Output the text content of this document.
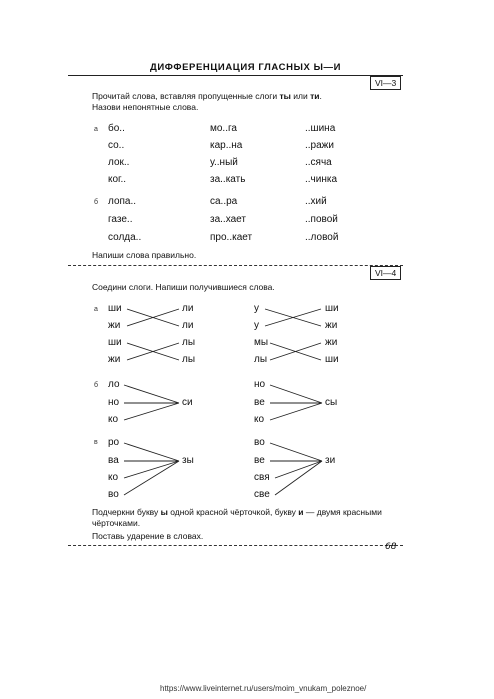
ДИФФЕРЕНЦИАЦИЯ ГЛАСНЫХ Ы—И
VI—3
Прочитай слова, вставляя пропущенные слоги ты или ти.
Назови непонятные слова.
а
б
бо..	мо..га	..шина
со..	кар..на	..ражи
лок..	у..ный	..сяча
ког..	за..кать	..чинка
лопа..	са..ра	..хий
газе..	за..хает	..повой
солда..	про..кает	..ловой
Напиши слова правильно.
VI—4
Соедини слоги. Напиши получившиеся слова.
а
б
в
ши
жи
ши
жи
ли
ли
лы
лы
у
у
мы
лы
ши
жи
жи
ши
ло
но
ко
си
но
ве
ко
сы
ро
ва
ко
во
зы
во
ве
свя
све
зи
Подчеркни букву ы одной красной чёрточкой, букву и — двумя красными
чёрточками.
Поставь ударение в словах.
68
https://www.liveinternet.ru/users/moim_vnukam_poleznoe/
